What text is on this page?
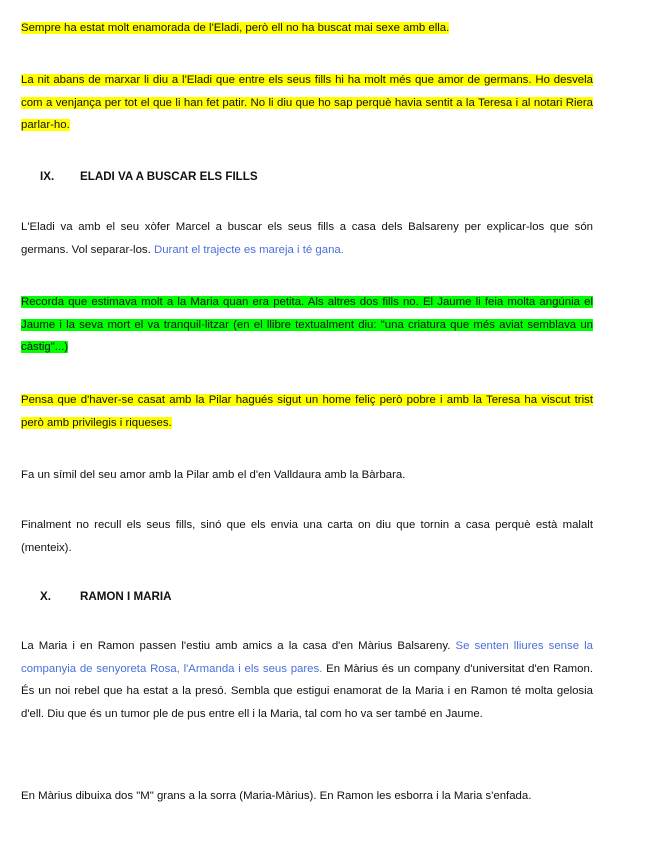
Sempre ha estat molt enamorada de l'Eladi, però ell no ha buscat mai sexe amb ella.

La nit abans de marxar li diu a l'Eladi que entre els seus fills hi ha molt més que amor de germans. Ho desvela com a venjança per tot el que li han fet patir. No li diu que ho sap perquè havia sentit a la Teresa i al notari Riera parlar-ho.

IX. ELADI VA A BUSCAR ELS FILLS

L'Eladi va amb el seu xòfer Marcel a buscar els seus fills a casa dels Balsareny per explicar-los que són germans. Vol separar-los. Durant el trajecte es mareja i té gana.

Recorda que estimava molt a la Maria quan era petita. Als altres dos fills no. El Jaume li feia molta angúnia el Jaume i la seva mort el va tranquil·litzar (en el llibre textualment diu: "una criatura que més aviat semblava un càstig"...)

Pensa que d'haver-se casat amb la Pilar hagués sigut un home feliç però pobre i amb la Teresa ha viscut trist però amb privilegis i riqueses.

Fa un símil del seu amor amb la Pilar amb el d'en Valldaura amb la Bàrbara.

Finalment no recull els seus fills, sinó que els envia una carta on diu que tornin a casa perquè està malalt (menteix).

X.	RAMON I MARIA

La Maria i en Ramon passen l'estiu amb amics a la casa d'en Màrius Balsareny. Se senten lliures sense la companyia de senyoreta Rosa, l'Armanda i els seus pares. En Màrius és un company d'universitat d'en Ramon. És un noi rebel que ha estat a la presó. Sembla que estigui enamorat de la Maria i en Ramon té molta gelosia d'ell. Diu que és un tumor ple de pus entre ell i la Maria, tal com ho va ser també en Jaume.

En Màrius dibuixa dos "M" grans a la sorra (Maria-Màrius). En Ramon les esborra i la Maria s'enfada.
